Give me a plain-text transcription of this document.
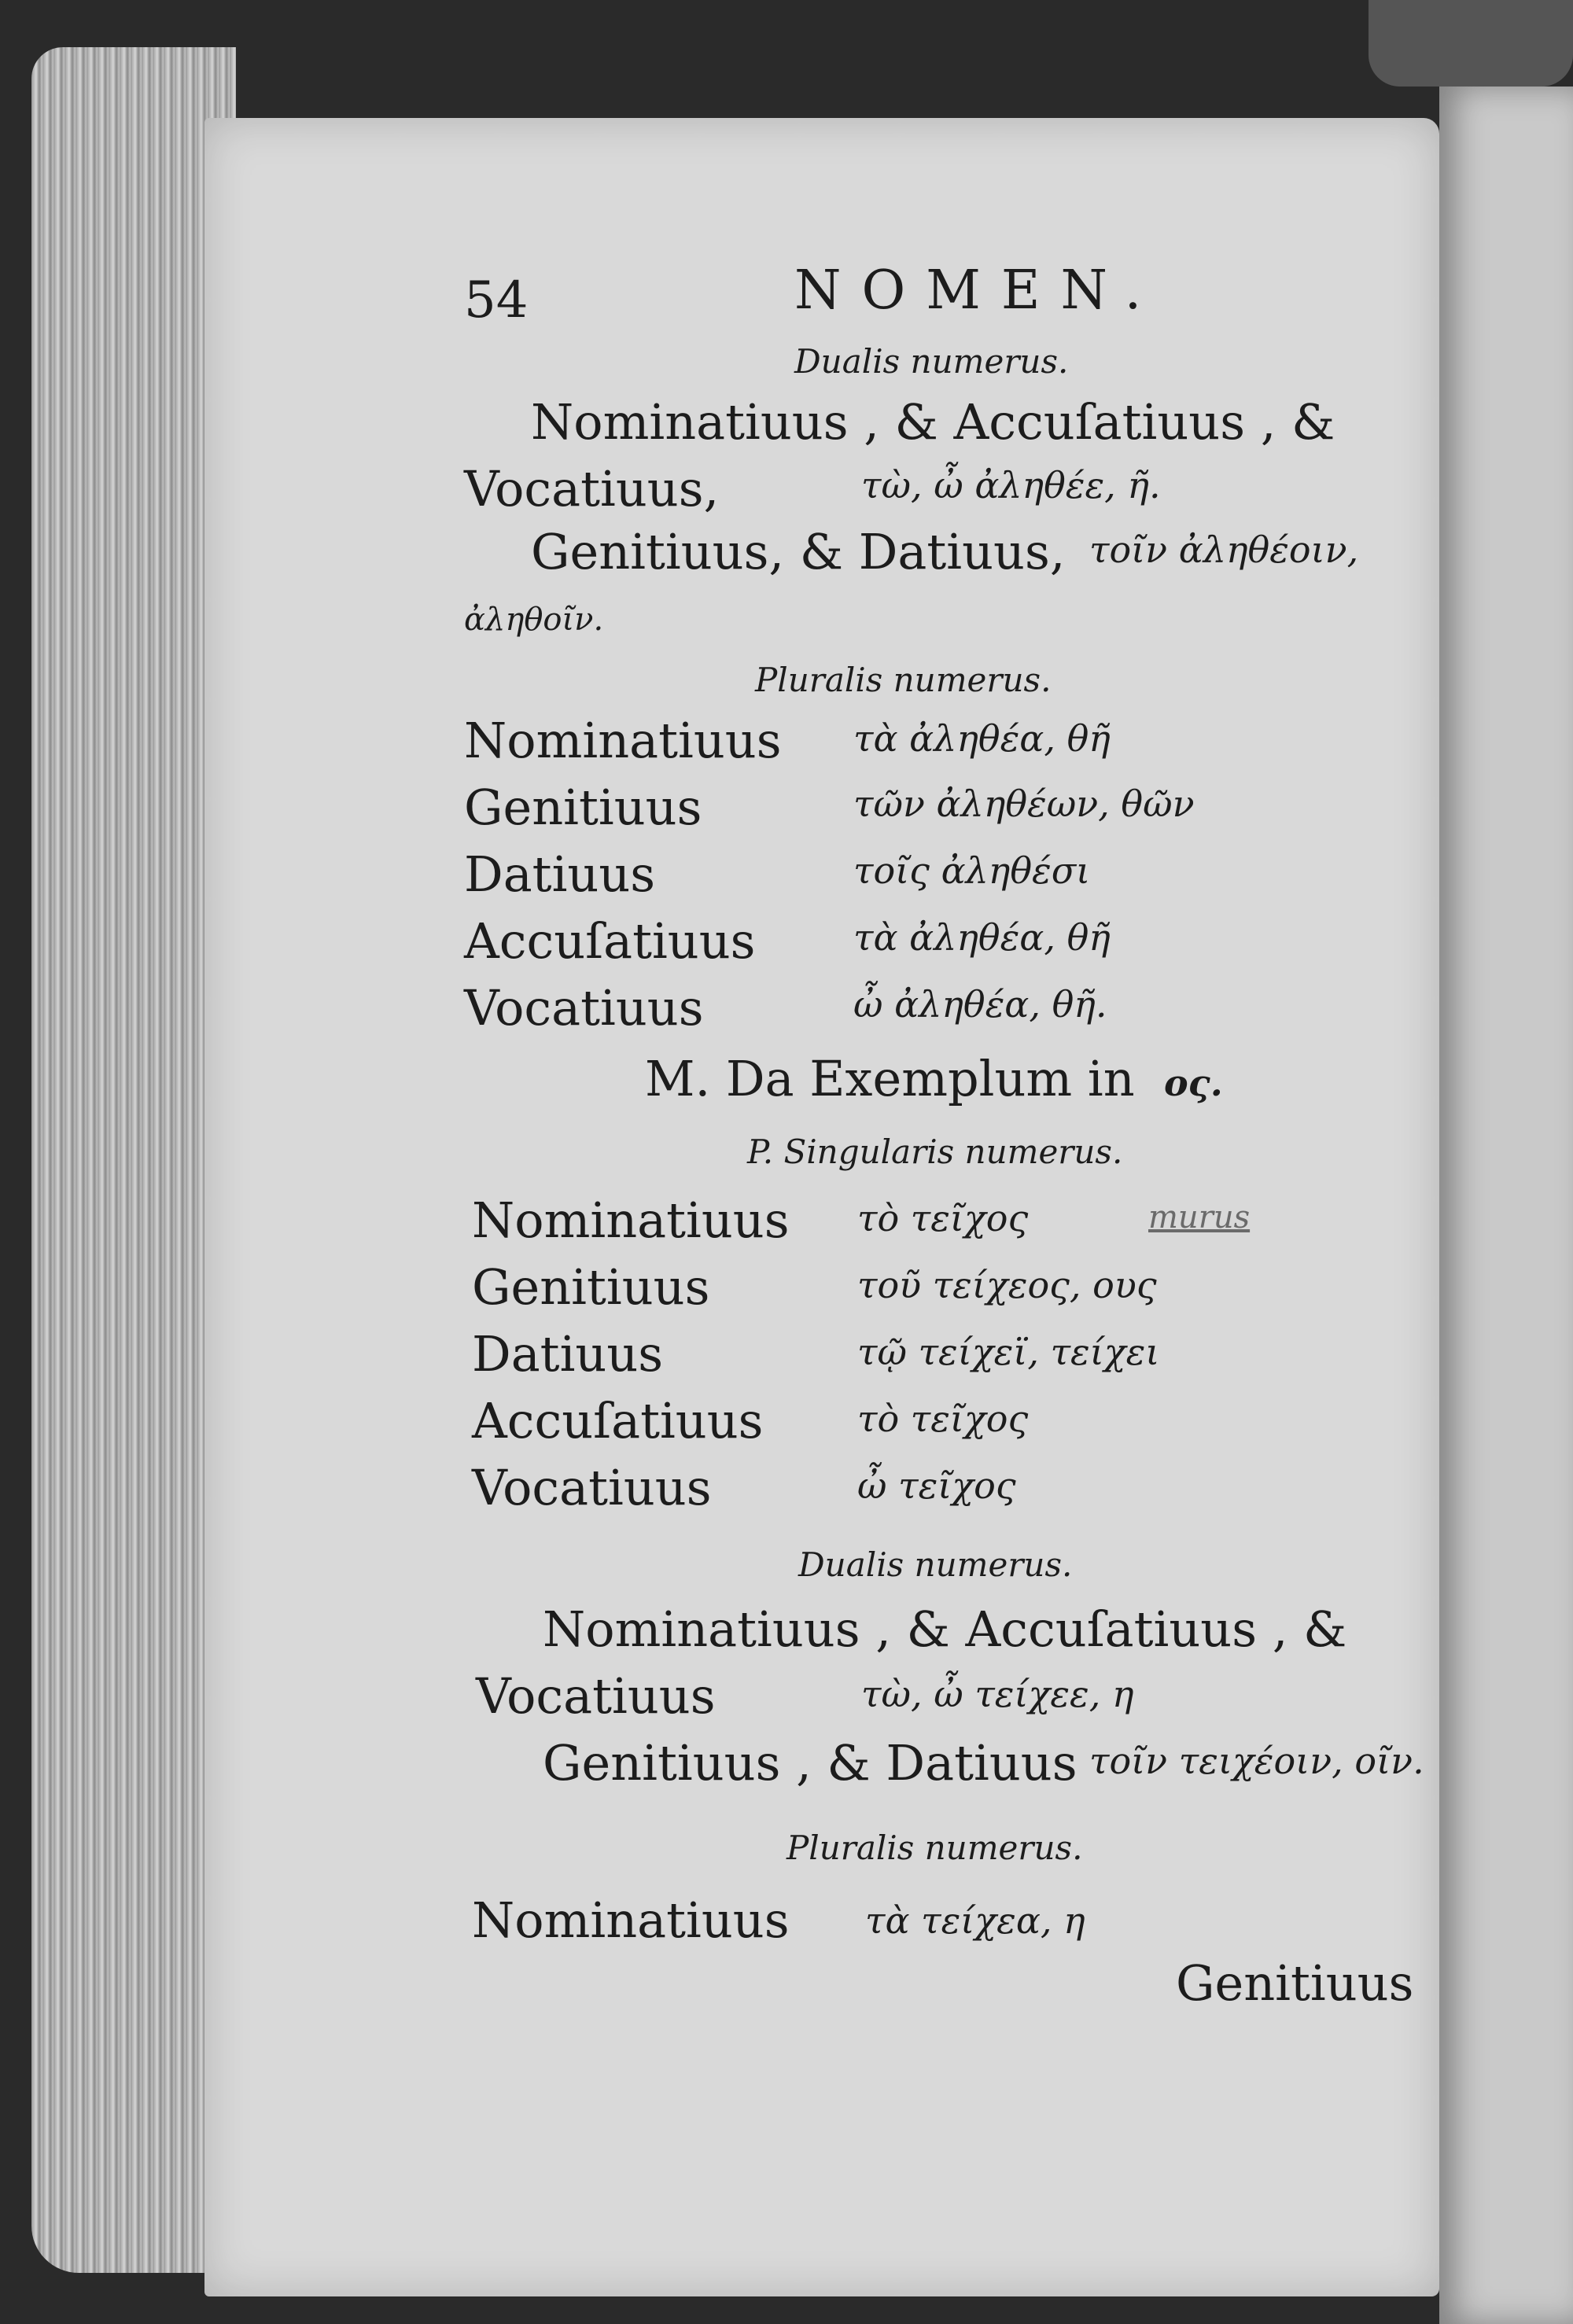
54	NOMEN.
Dualis numerus.
Nominatiuus , & Accuſatiuus , &
Vocatiuus,	τὼ, ὦ ἀληθέε, ῆ.
Genitiuus, & Datiuus, τοῖν ἀληθέοιν,
ἀληθοῖν.
Pluralis numerus.
Nominatiuus τὰ ἀληθέα, θῆ
Genitiuus	τῶν ἀληθέων, θῶν
Datiuus	τοῖς ἀληθέσι
Accuſatiuus	τὰ ἀληθέα, θῆ
Vocatiuus	ὦ ἀληθέα, θῆ.
M. Da Exemplum in ος.
P. Singularis numerus.
Nominatiuus τὸ τεῖχος	murus
Genitiuus	τοῦ τείχεος, ους
Datiuus	τῷ τείχεϊ, τείχει
Accuſatiuus	τὸ τεῖχος
Vocatiuus	ὦ τεῖχος
Dualis numerus.
Nominatiuus , & Accuſatiuus , &
Vocatiuus	τὼ, ὦ τείχεε, η
Genitiuus , & Datiuus τοῖν τειχέοιν, οῖν.
Pluralis numerus.
Nominatiuus τὰ τείχεα, η
Genitiuus
